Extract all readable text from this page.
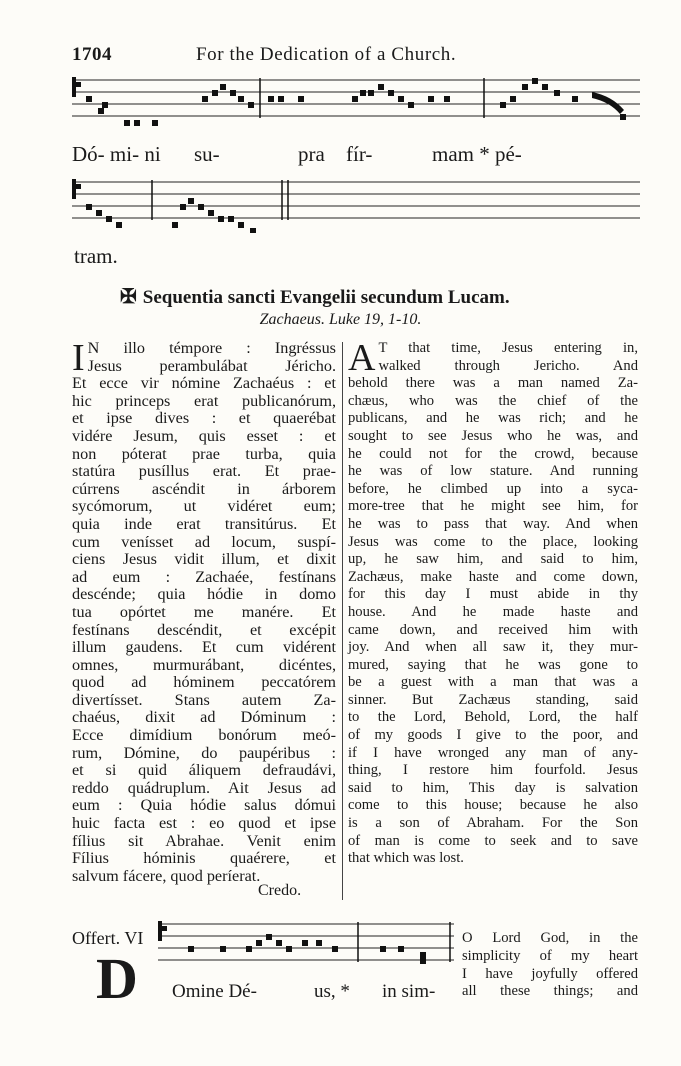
1704	For the Dedication of a Church.
Dó- mi- ni su-	pra fír-	mam * pé-
tram.
✠ Sequentia sancti Evangelii secundum Lucam.
Zachaeus. Luke 19, 1-10.
I N illo témpore : Ingréssus
Jesus perambulábat Jéricho.
Et ecce vir nómine Zachaéus : et
hic princeps erat publicanórum,
et ipse dives : et quaerébat
vidére Jesum, quis esset : et
non póterat prae turba, quia
statúra pusíllus erat. Et prae-
cúrrens ascéndit in árborem
sycómorum, ut vidéret eum;
quia inde erat transitúrus. Et
cum venísset ad locum, suspí-
ciens Jesus vidit illum, et dixit
ad eum : Zachaée, festínans
descénde; quia hódie in domo
tua opórtet me manére. Et
festínans descéndit, et excépit
illum gaudens. Et cum vidérent
omnes, murmurábant, dicéntes,
quod ad hóminem peccatórem
divertísset. Stans autem Za-
chaéus, dixit ad Dóminum :
Ecce dimídium bonórum meó-
rum, Dómine, do paupéribus :
et si quid áliquem defraudávi,
reddo quádruplum. Ait Jesus ad
eum : Quia hódie salus dómui
huic facta est : eo quod et ipse
fílius sit Abrahae. Venit enim
Fílius hóminis quaérere, et
salvum fácere, quod períerat.
A T that time, Jesus entering in,
walked through Jericho. And
behold there was a man named Za-
chæus, who was the chief of the
publicans, and he was rich; and he
sought to see Jesus who he was, and
he could not for the crowd, because
he was of low stature. And running
before, he climbed up into a syca-
more-tree that he might see him, for
he was to pass that way. And when
Jesus was come to the place, looking
up, he saw him, and said to him,
Zachæus, make haste and come down,
for this day I must abide in thy
house. And he made haste and
came down, and received him with
joy. And when all saw it, they mur-
mured, saying that he was gone to
be a guest with a man that was a
sinner. But Zachæus standing, said
to the Lord, Behold, Lord, the half
of my goods I give to the poor, and
if I have wronged any man of any-
thing, I restore him fourfold. Jesus
said to him, This day is salvation
come to this house; because he also
is a son of Abraham. For the Son
of man is come to seek and to save
that which was lost.
Credo.
Offert. VI
D Omine Dé-	us, * in sim-
O Lord God, in the
simplicity of my heart
I have joyfully offered
all these things; and
